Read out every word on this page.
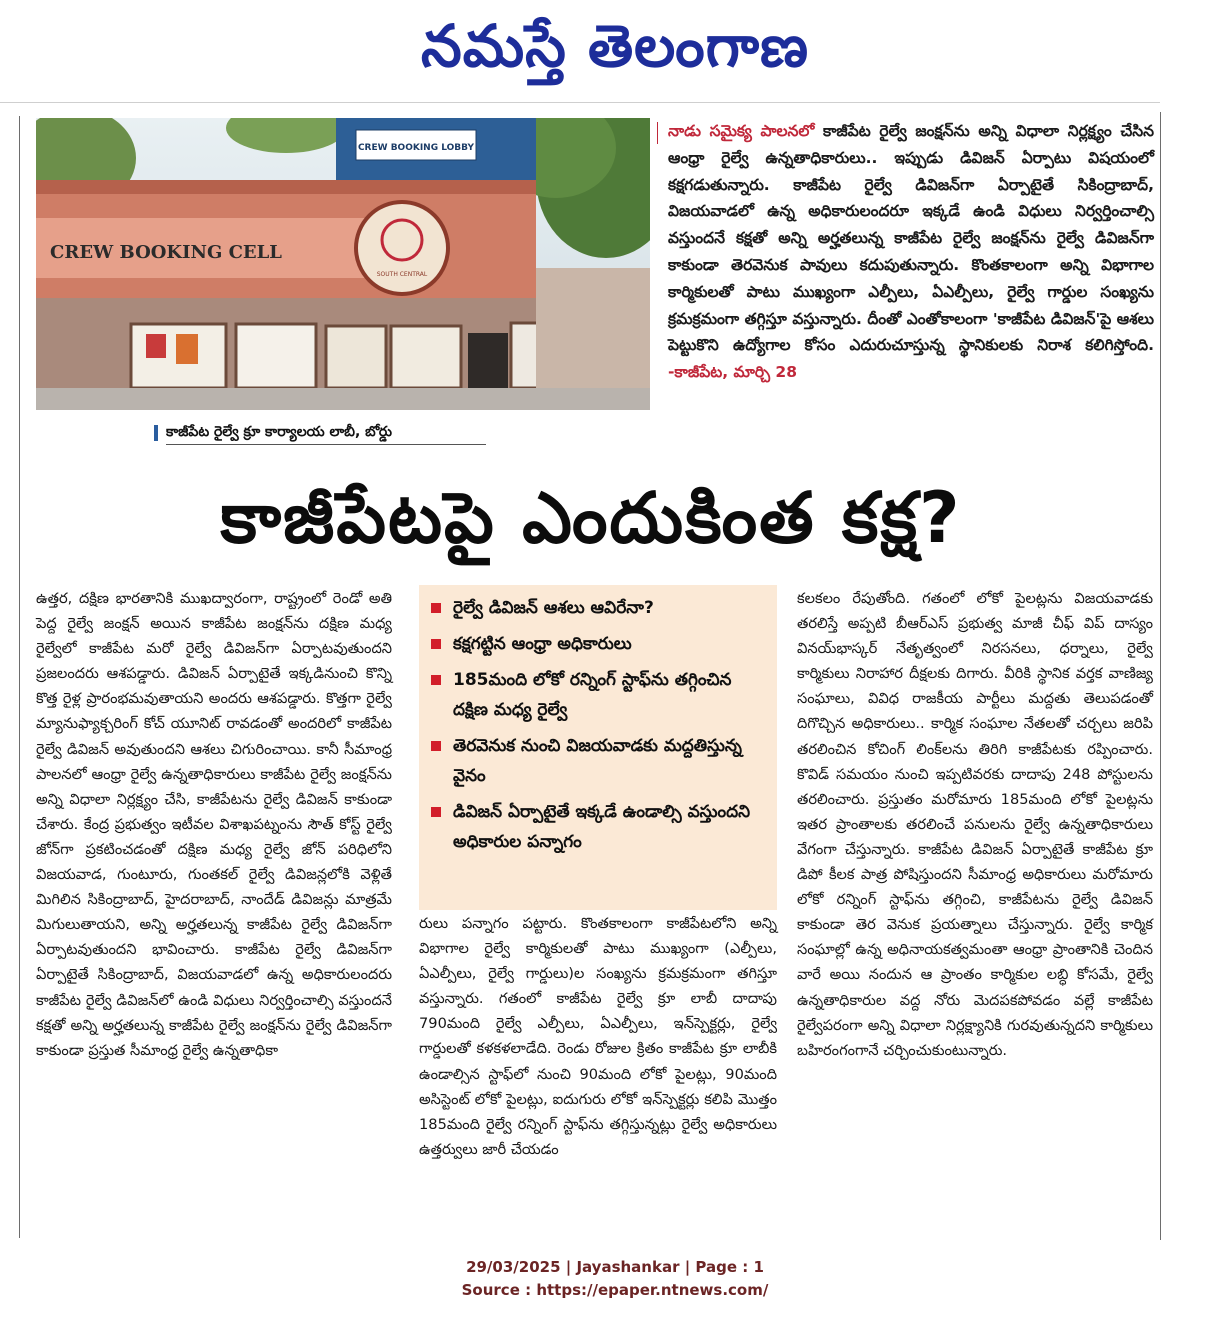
నమస్తే తెలంగాణ
CREW BOOKING LOBBY
CREW BOOKING CELL
SOUTH CENTRAL
కాజీపేట రైల్వే క్రూ కార్యాలయ లాబీ, బోర్డు

నాడు సమైక్య పాలనలో కాజీపేట రైల్వే జంక్షన్‌ను అన్ని విధాలా నిర్లక్ష్యం చేసిన ఆంధ్రా రైల్వే ఉన్నతాధికారులు.. ఇప్పుడు డివిజన్ ఏర్పాటు విషయంలో కక్షగడుతున్నారు. కాజీపేట రైల్వే డివిజన్‌గా ఏర్పాటైతే సికింద్రాబాద్, విజయవాడలో ఉన్న అధికారులందరూ ఇక్కడే ఉండి విధులు నిర్వర్తించాల్సి వస్తుందనే కక్షతో అన్ని అర్హతలున్న కాజీపేట రైల్వే జంక్షన్‌ను రైల్వే డివిజన్‌గా కాకుండా తెరవెనుక పావులు కదుపుతున్నారు. కొంతకాలంగా అన్ని విభాగాల కార్మికులతో పాటు ముఖ్యంగా ఎల్పీలు, ఏఎల్పీలు, రైల్వే గార్డుల సంఖ్యను క్రమక్రమంగా తగ్గిస్తూ వస్తున్నారు. దీంతో ఎంతోకాలంగా 'కాజీపేట డివిజన్'పై ఆశలు పెట్టుకొని ఉద్యోగాల కోసం ఎదురుచూస్తున్న స్థానికులకు నిరాశ కలిగిస్తోంది. -కాజీపేట, మార్చి 28

కాజీపేటపై ఎందుకింత కక్ష?

ఉత్తర, దక్షిణ భారతానికి ముఖద్వారంగా, రాష్ట్రంలో రెండో అతి పెద్ద రైల్వే జంక్షన్ అయిన కాజీపేట జంక్షన్‌ను దక్షిణ మధ్య రైల్వేలో కాజీపేట మరో రైల్వే డివిజన్‌గా ఏర్పాటవుతుందని ప్రజలందరు ఆశపడ్డారు. డివిజన్ ఏర్పాటైతే ఇక్కడినుంచి కొన్ని కొత్త రైళ్ల ప్రారంభమవుతాయని అందరు ఆశపడ్డారు. కొత్తగా రైల్వే మ్యానుఫ్యాక్చరింగ్ కోచ్ యూనిట్ రావడంతో అందరిలో కాజీపేట రైల్వే డివిజన్ అవుతుందని ఆశలు చిగురించాయి. కానీ సీమాంధ్ర పాలనలో ఆంధ్రా రైల్వే ఉన్నతాధికారులు కాజీపేట రైల్వే జంక్షన్‌ను అన్ని విధాలా నిర్లక్ష్యం చేసి, కాజీపేటను రైల్వే డివిజన్ కాకుండా చేశారు. కేంద్ర ప్రభుత్వం ఇటీవల విశాఖపట్నంను సౌత్ కోస్ట్ రైల్వే జోన్‌గా ప్రకటించడంతో దక్షిణ మధ్య రైల్వే జోన్ పరిధిలోని విజయవాడ, గుంటూరు, గుంతకల్ రైల్వే డివిజన్లలోకి వెళ్లితే మిగిలిన సికింద్రాబాద్, హైదరాబాద్, నాందేడ్ డివిజన్లు మాత్రమే మిగులుతాయని, అన్ని అర్హతలున్న కాజీపేట రైల్వే డివిజన్‌గా ఏర్పాటవుతుందని భావించారు. కాజీపేట రైల్వే డివిజన్‌గా ఏర్పాటైతే సికింద్రాబాద్, విజయవాడలో ఉన్న అధికారులందరు కాజీపేట రైల్వే డివిజన్‌లో ఉండి విధులు నిర్వర్తించాల్సి వస్తుందనే కక్షతో అన్ని అర్హతలున్న కాజీపేట రైల్వే జంక్షన్‌ను రైల్వే డివిజన్‌గా కాకుండా ప్రస్తుత సీమాంధ్ర రైల్వే ఉన్నతాధికా

రైల్వే డివిజన్ ఆశలు ఆవిరేనా?
కక్షగట్టిన ఆంధ్రా అధికారులు
185మంది లోకో రన్నింగ్ స్టాఫ్‌ను తగ్గించిన దక్షిణ మధ్య రైల్వే
తెరవెనుక నుంచి విజయవాడకు మద్దతిస్తున్న వైనం
డివిజన్ ఏర్పాటైతే ఇక్కడే ఉండాల్సి వస్తుందని అధికారుల పన్నాగం

రులు పన్నాగం పట్టారు. కొంతకాలంగా కాజీపేటలోని అన్ని విభాగాల రైల్వే కార్మికులతో పాటు ముఖ్యంగా (ఎల్పీలు, ఏఎల్పీలు, రైల్వే గార్డులు)ల సంఖ్యను క్రమక్రమంగా తగిస్తూ వస్తున్నారు. గతంలో కాజీపేట రైల్వే క్రూ లాబీ దాదాపు 790మంది రైల్వే ఎల్పీలు, ఏఎల్పీలు, ఇన్‌స్పెక్టర్లు, రైల్వే గార్డులతో కళకళలాడేది. రెండు రోజుల క్రితం కాజీపేట క్రూ లాబీకి ఉండాల్సిన స్టాఫ్‌లో నుంచి 90మంది లోకో పైలట్లు, 90మంది అసిస్టెంట్ లోకో పైలట్లు, ఐదుగురు లోకో ఇన్‌స్పెక్టర్లు కలిపి మొత్తం 185మంది రైల్వే రన్నింగ్ స్టాఫ్‌ను తగ్గిస్తున్నట్లు రైల్వే అధికారులు ఉత్తర్వులు జారీ చేయడం

కలకలం రేపుతోంది. గతంలో లోకో పైలట్లను విజయవాడకు తరలిస్తే అప్పటి బీఆర్‌ఎస్ ప్రభుత్వ మాజీ చీఫ్ విప్ దాస్యం వినయ్‌భాస్కర్ నేతృత్వంలో నిరసనలు, ధర్నాలు, రైల్వే కార్మికులు నిరాహార దీక్షలకు దిగారు. వీరికి స్థానిక వర్తక వాణిజ్య సంఘాలు, వివిధ రాజకీయ పార్టీలు మద్దతు తెలుపడంతో దిగొచ్చిన అధికారులు.. కార్మిక సంఘాల నేతలతో చర్చలు జరిపి తరలించిన కోచింగ్ లింక్‌లను తిరిగి కాజీపేటకు రప్పించారు. కొవిడ్ సమయం నుంచి ఇప్పటివరకు దాదాపు 248 పోస్టులను తరలించారు. ప్రస్తుతం మరోమారు 185మంది లోకో పైలట్లను ఇతర ప్రాంతాలకు తరలించే పనులను రైల్వే ఉన్నతాధికారులు వేగంగా చేస్తున్నారు. కాజీపేట డివిజన్ ఏర్పాటైతే కాజీపేట క్రూ డిపో కీలక పాత్ర పోషిస్తుందని సీమాంధ్ర అధికారులు మరోమారు లోకో రన్నింగ్ స్టాఫ్‌ను తగ్గించి, కాజీపేటను రైల్వే డివిజన్ కాకుండా తెర వెనుక ప్రయత్నాలు చేస్తున్నారు. రైల్వే కార్మిక సంఘాల్లో ఉన్న అధినాయకత్వమంతా ఆంధ్రా ప్రాంతానికి చెందిన వారే అయి నందున ఆ ప్రాంతం కార్మికుల లబ్ధి కోసమే, రైల్వే ఉన్నతాధికారుల వద్ద నోరు మెదపకపోవడం వల్లే కాజీపేట రైల్వేపరంగా అన్ని విధాలా నిర్లక్ష్యానికి గురవుతున్నదని కార్మికులు బహిరంగంగానే చర్చించుకుంటున్నారు.

29/03/2025 | Jayashankar | Page : 1
Source : https://epaper.ntnews.com/
